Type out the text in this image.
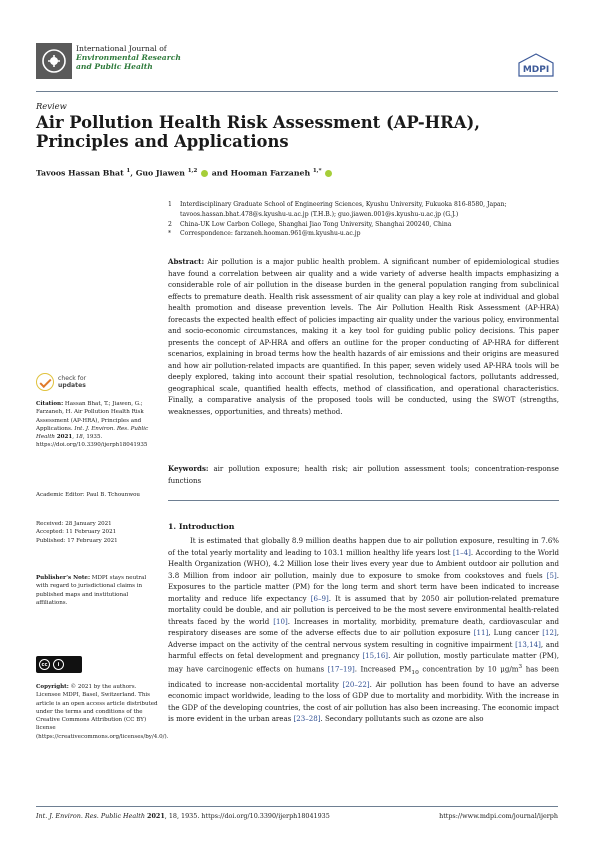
International Journal of
Environmental Research
and Public Health	MDPI
Review
Air Pollution Health Risk Assessment (AP-HRA), Principles and Applications
Tavoos Hassan Bhat $^1$, Guo Jiawen $^{1,2}$ and Hooman Farzaneh $^{1,*}$
1	Interdisciplinary Graduate School of Engineering Sciences, Kyushu University, Fukuoka 816-8580, Japan; tavoos.hassan.bhat.478@s.kyushu-u.ac.jp (T.H.B.); guo.jiawen.001@s.kyushu-u.ac.jp (G.J.)
2	China-UK Low Carbon College, Shanghai Jiao Tong University, Shanghai 200240, China
*	Correspondence: farzaneh.hooman.961@m.kyushu-u.ac.jp
Abstract: Air pollution is a major public health problem. A significant number of epidemiological studies have found a correlation between air quality and a wide variety of adverse health impacts emphasizing a considerable role of air pollution in the disease burden in the general population ranging from subclinical effects to premature death. Health risk assessment of air quality can play a key role at individual and global health promotion and disease prevention levels. The Air Pollution Health Risk Assessment (AP-HRA) forecasts the expected health effect of policies impacting air quality under the various policy, environmental and socio-economic circumstances, making it a key tool for guiding public policy decisions. This paper presents the concept of AP-HRA and offers an outline for the proper conducting of AP-HRA for different scenarios, explaining in broad terms how the health hazards of air emissions and their origins are measured and how air pollution-related impacts are quantified. In this paper, seven widely used AP-HRA tools will be deeply explored, taking into account their spatial resolution, technological factors, pollutants addressed, geographical scale, quantified health effects, method of classification, and operational characteristics. Finally, a comparative analysis of the proposed tools will be conducted, using the SWOT (strengths, weaknesses, opportunities, and threats) method.
Keywords: air pollution exposure; health risk; air pollution assessment tools; concentration-response functions
check for
updates
Citation: Hassan Bhat, T.; Jiawen, G.; Farzaneh, H. Air Pollution Health Risk Assessment (AP-HRA), Principles and Applications. Int. J. Environ. Res. Public Health 2021, 18, 1935. https://doi.org/10.3390/ijerph18041935
Academic Editor: Paul B. Tchounwou
Received: 28 January 2021
Accepted: 11 February 2021
Published: 17 February 2021
Publisher’s Note: MDPI stays neutral with regard to jurisdictional claims in published maps and institutional affiliations.
cc	i
Copyright: © 2021 by the authors. Licensee MDPI, Basel, Switzerland. This article is an open access article distributed under the terms and conditions of the Creative Commons Attribution (CC BY) license (https://creativecommons.org/licenses/by/4.0/).
1. Introduction

It is estimated that globally 8.9 million deaths happen due to air pollution exposure, resulting in 7.6% of the total yearly mortality and leading to 103.1 million healthy life years lost [1–4]. According to the World Health Organization (WHO), 4.2 Million lose their lives every year due to Ambient outdoor air pollution and 3.8 Million from indoor air pollution, mainly due to exposure to smoke from cookstoves and fuels [5]. Exposures to the particle matter (PM) for the long term and short term have been indicated to increase mortality and reduce life expectancy [6–9]. It is assumed that by 2050 air pollution-related premature mortality could be double, and air pollution is perceived to be the most severe environmental health-related threats faced by the world [10]. Increases in mortality, morbidity, premature death, cardiovascular and respiratory diseases are some of the adverse effects due to air pollution exposure [11], Lung cancer [12], Adverse impact on the activity of the central nervous system resulting in cognitive impairment [13,14], and harmful effects on fetal development and pregnancy [15,16]. Air pollution, mostly particulate matter (PM), may have carcinogenic effects on humans [17–19]. Increased $PM_{10}$ concentration by 10 $\mu g/m^3$ has been indicated to increase non-accidental mortality [20–22]. Air pollution has been found to have an adverse economic impact worldwide, leading to the loss of GDP due to mortality and morbidity. With the increase in the GDP of the developing countries, the cost of air pollution has also been increasing. The economic impact is more evident in the urban areas [23–28]. Secondary pollutants such as ozone are also

Int. J. Environ. Res. Public Health 2021, 18, 1935. https://doi.org/10.3390/ijerph18041935	https://www.mdpi.com/journal/ijerph
